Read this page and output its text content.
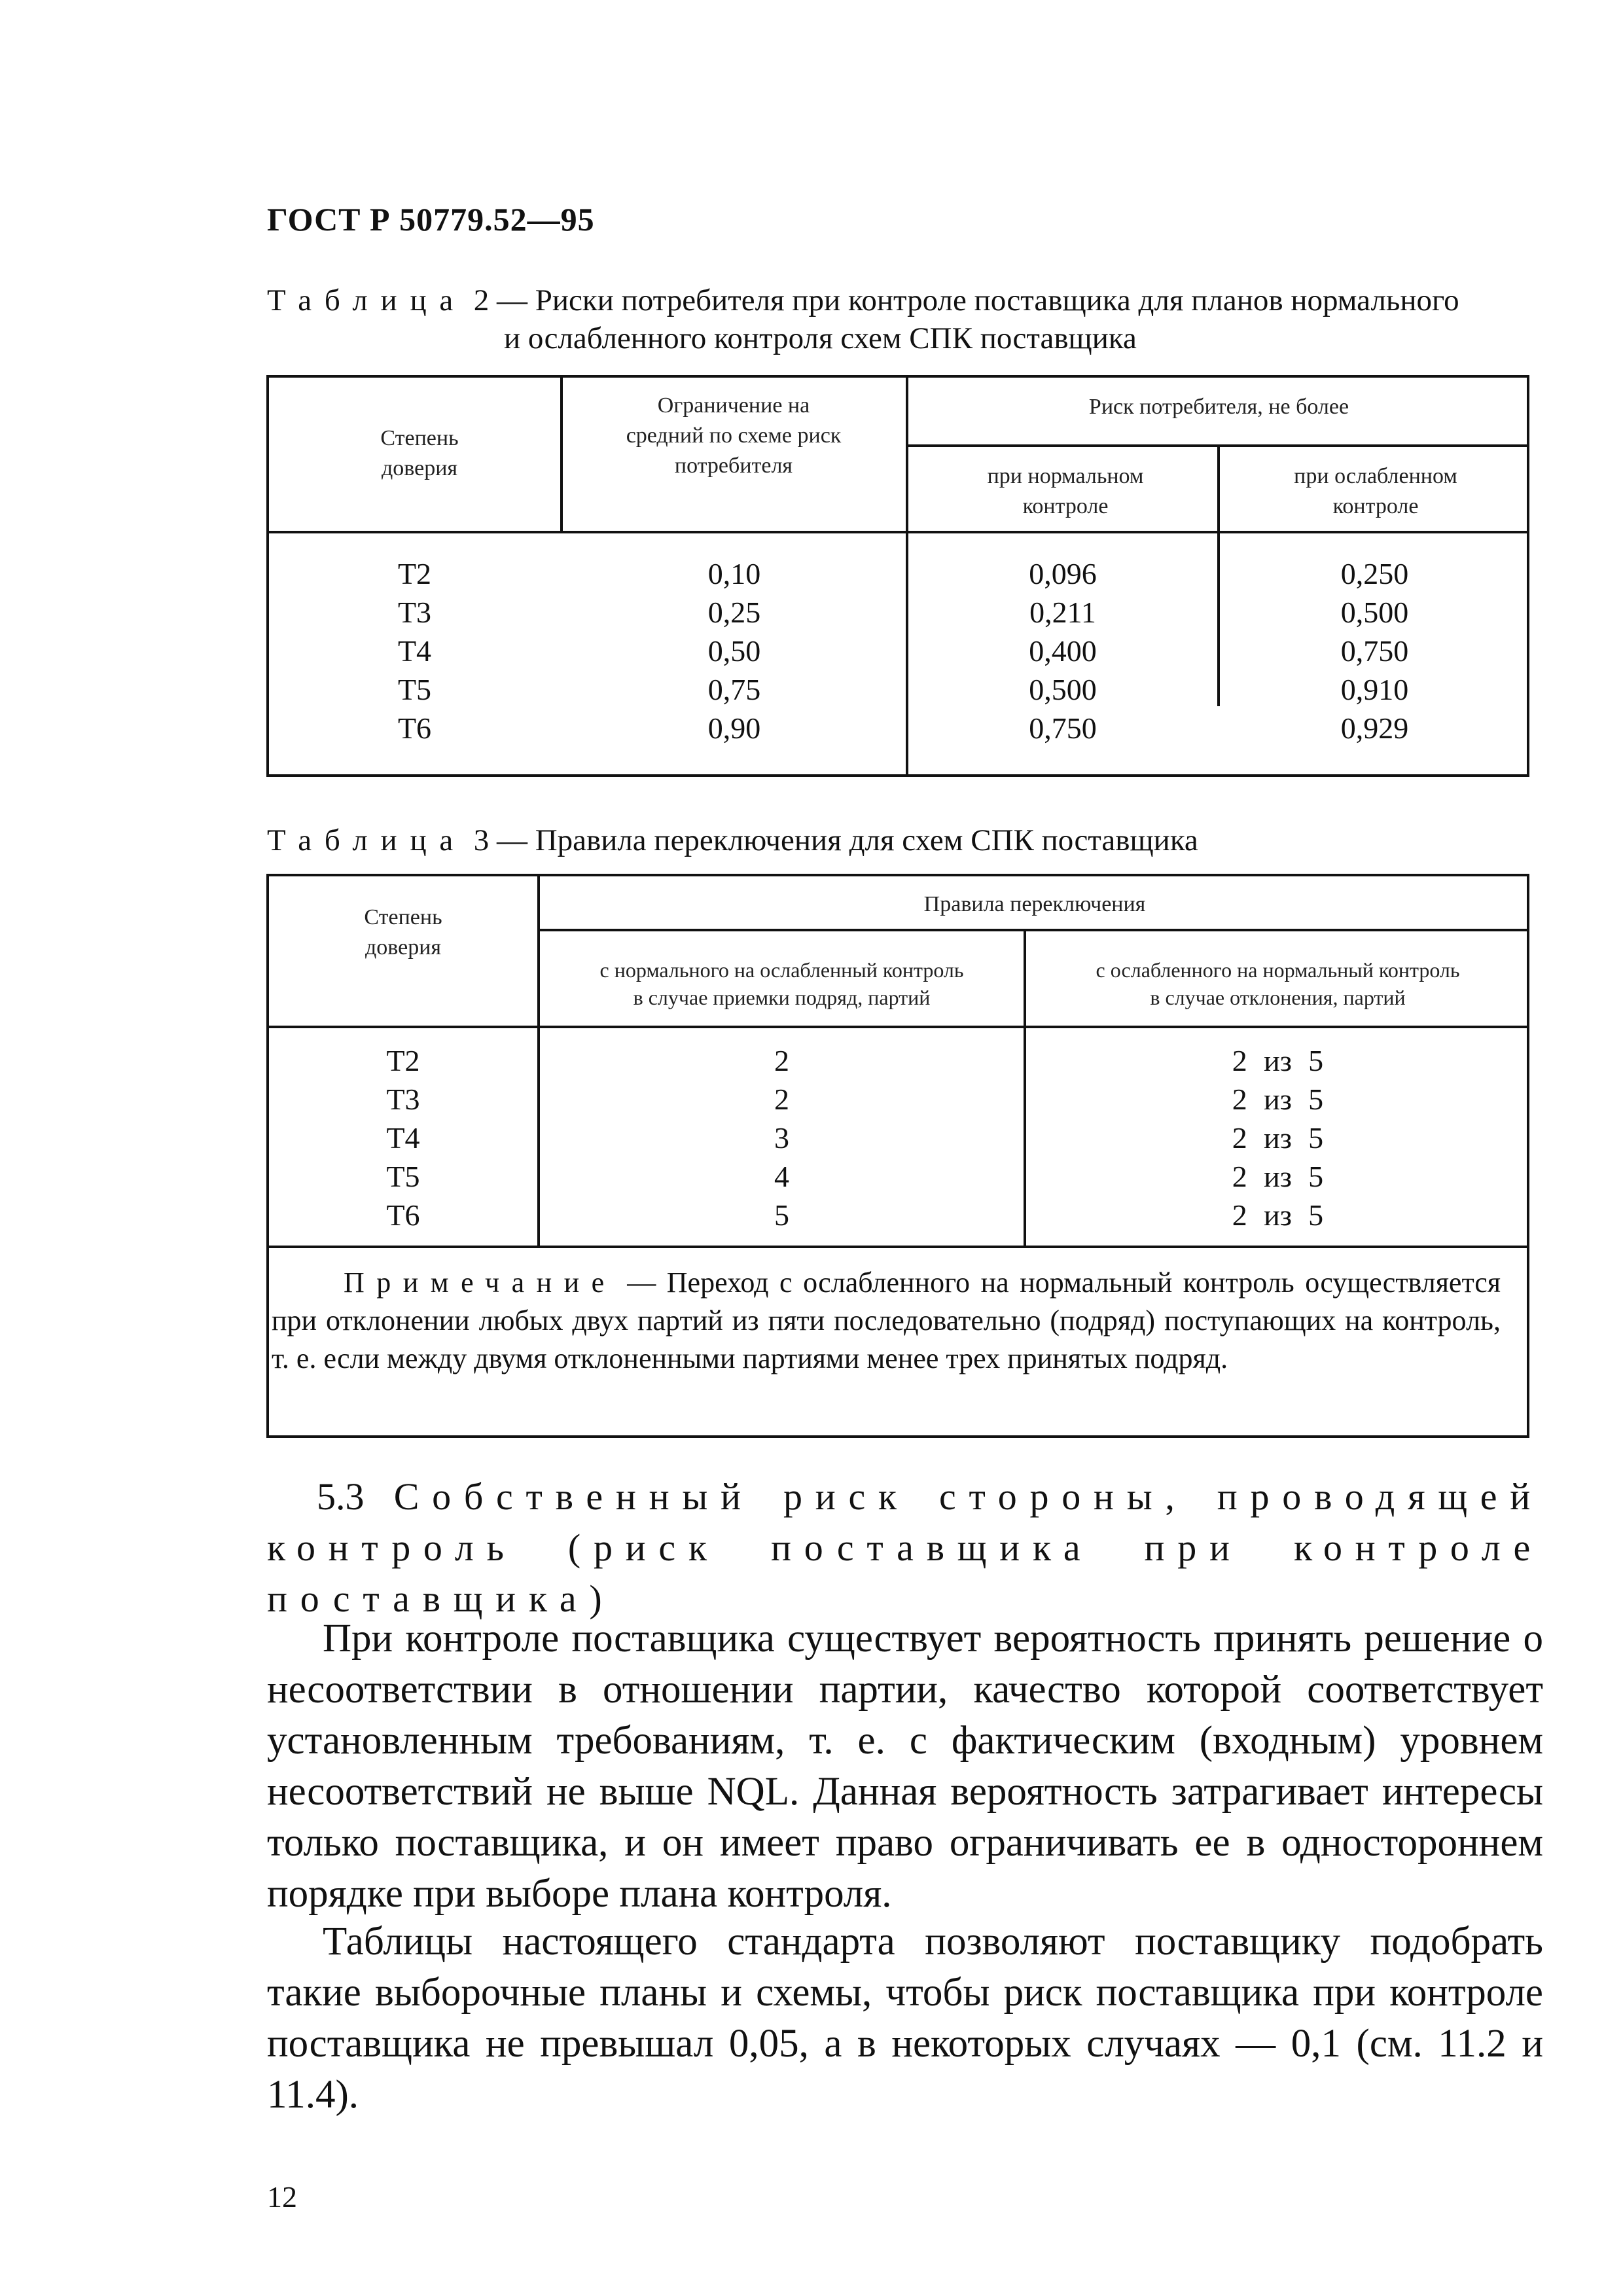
ГОСТ Р 50779.52—95
Таблица 2 — Риски потребителя при контроле поставщика для планов нормального
и ослабленного контроля схем СПК поставщика
Степень доверия
Ограничение на средний по схеме риск потребителя
Риск потребителя, не более
при нормальном контроле
при ослабленном контроле
Т2
Т3
Т4
Т5
Т6
0,10
0,25
0,50
0,75
0,90
0,096
0,211
0,400
0,500
0,750
0,250
0,500
0,750
0,910
0,929
Таблица 3 — Правила переключения для схем СПК поставщика
Степень доверия
Правила переключения
с нормального на ослабленный контроль
в случае приемки подряд, партий
с ослабленного на нормальный контроль
в случае отклонения, партий
Т2
Т3
Т4
Т5
Т6
2
2
3
4
5
2 из 5
2 из 5
2 из 5
2 из 5
2 из 5
Примечание — Переход с ослабленного на нормальный контроль осуществляется при отклонении любых двух партий из пяти последовательно (подряд) поступающих на контроль, т. е. если между двумя отклоненными партиями менее трех принятых подряд.
5.3 Собственный риск стороны, проводящей контроль (риск поставщика при контроле поставщика)
При контроле поставщика существует вероятность принять решение о несоответствии в отношении партии, качество которой соответствует установленным требованиям, т. е. с фактическим (входным) уровнем несоответствий не выше NQL. Данная вероятность затрагивает интересы только поставщика, и он имеет право ограничивать ее в одностороннем порядке при выборе плана контроля.
Таблицы настоящего стандарта позволяют поставщику подобрать такие выборочные планы и схемы, чтобы риск поставщика при контроле поставщика не превышал 0,05, а в некоторых случаях — 0,1 (см. 11.2 и 11.4).
12
